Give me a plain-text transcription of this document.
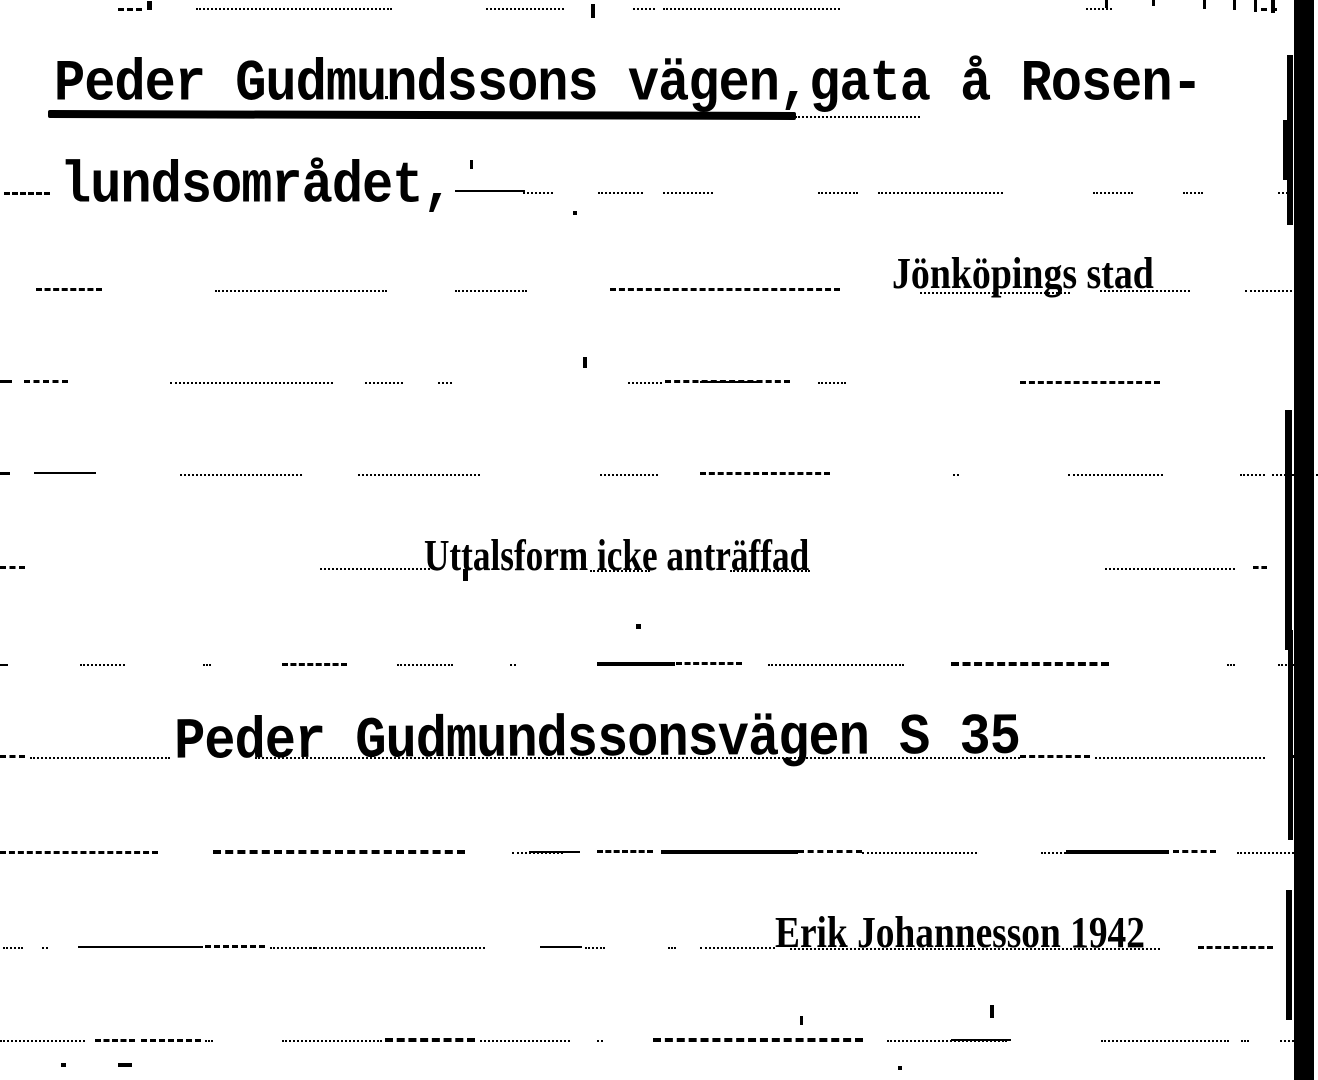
Peder Gudmundssons vägen,gata å Rosen-
lundsområdet,
Jönköpings stad
Uttalsform icke anträffad
Peder Gudmundssonsvägen S 35
Erik Johannesson 1942
